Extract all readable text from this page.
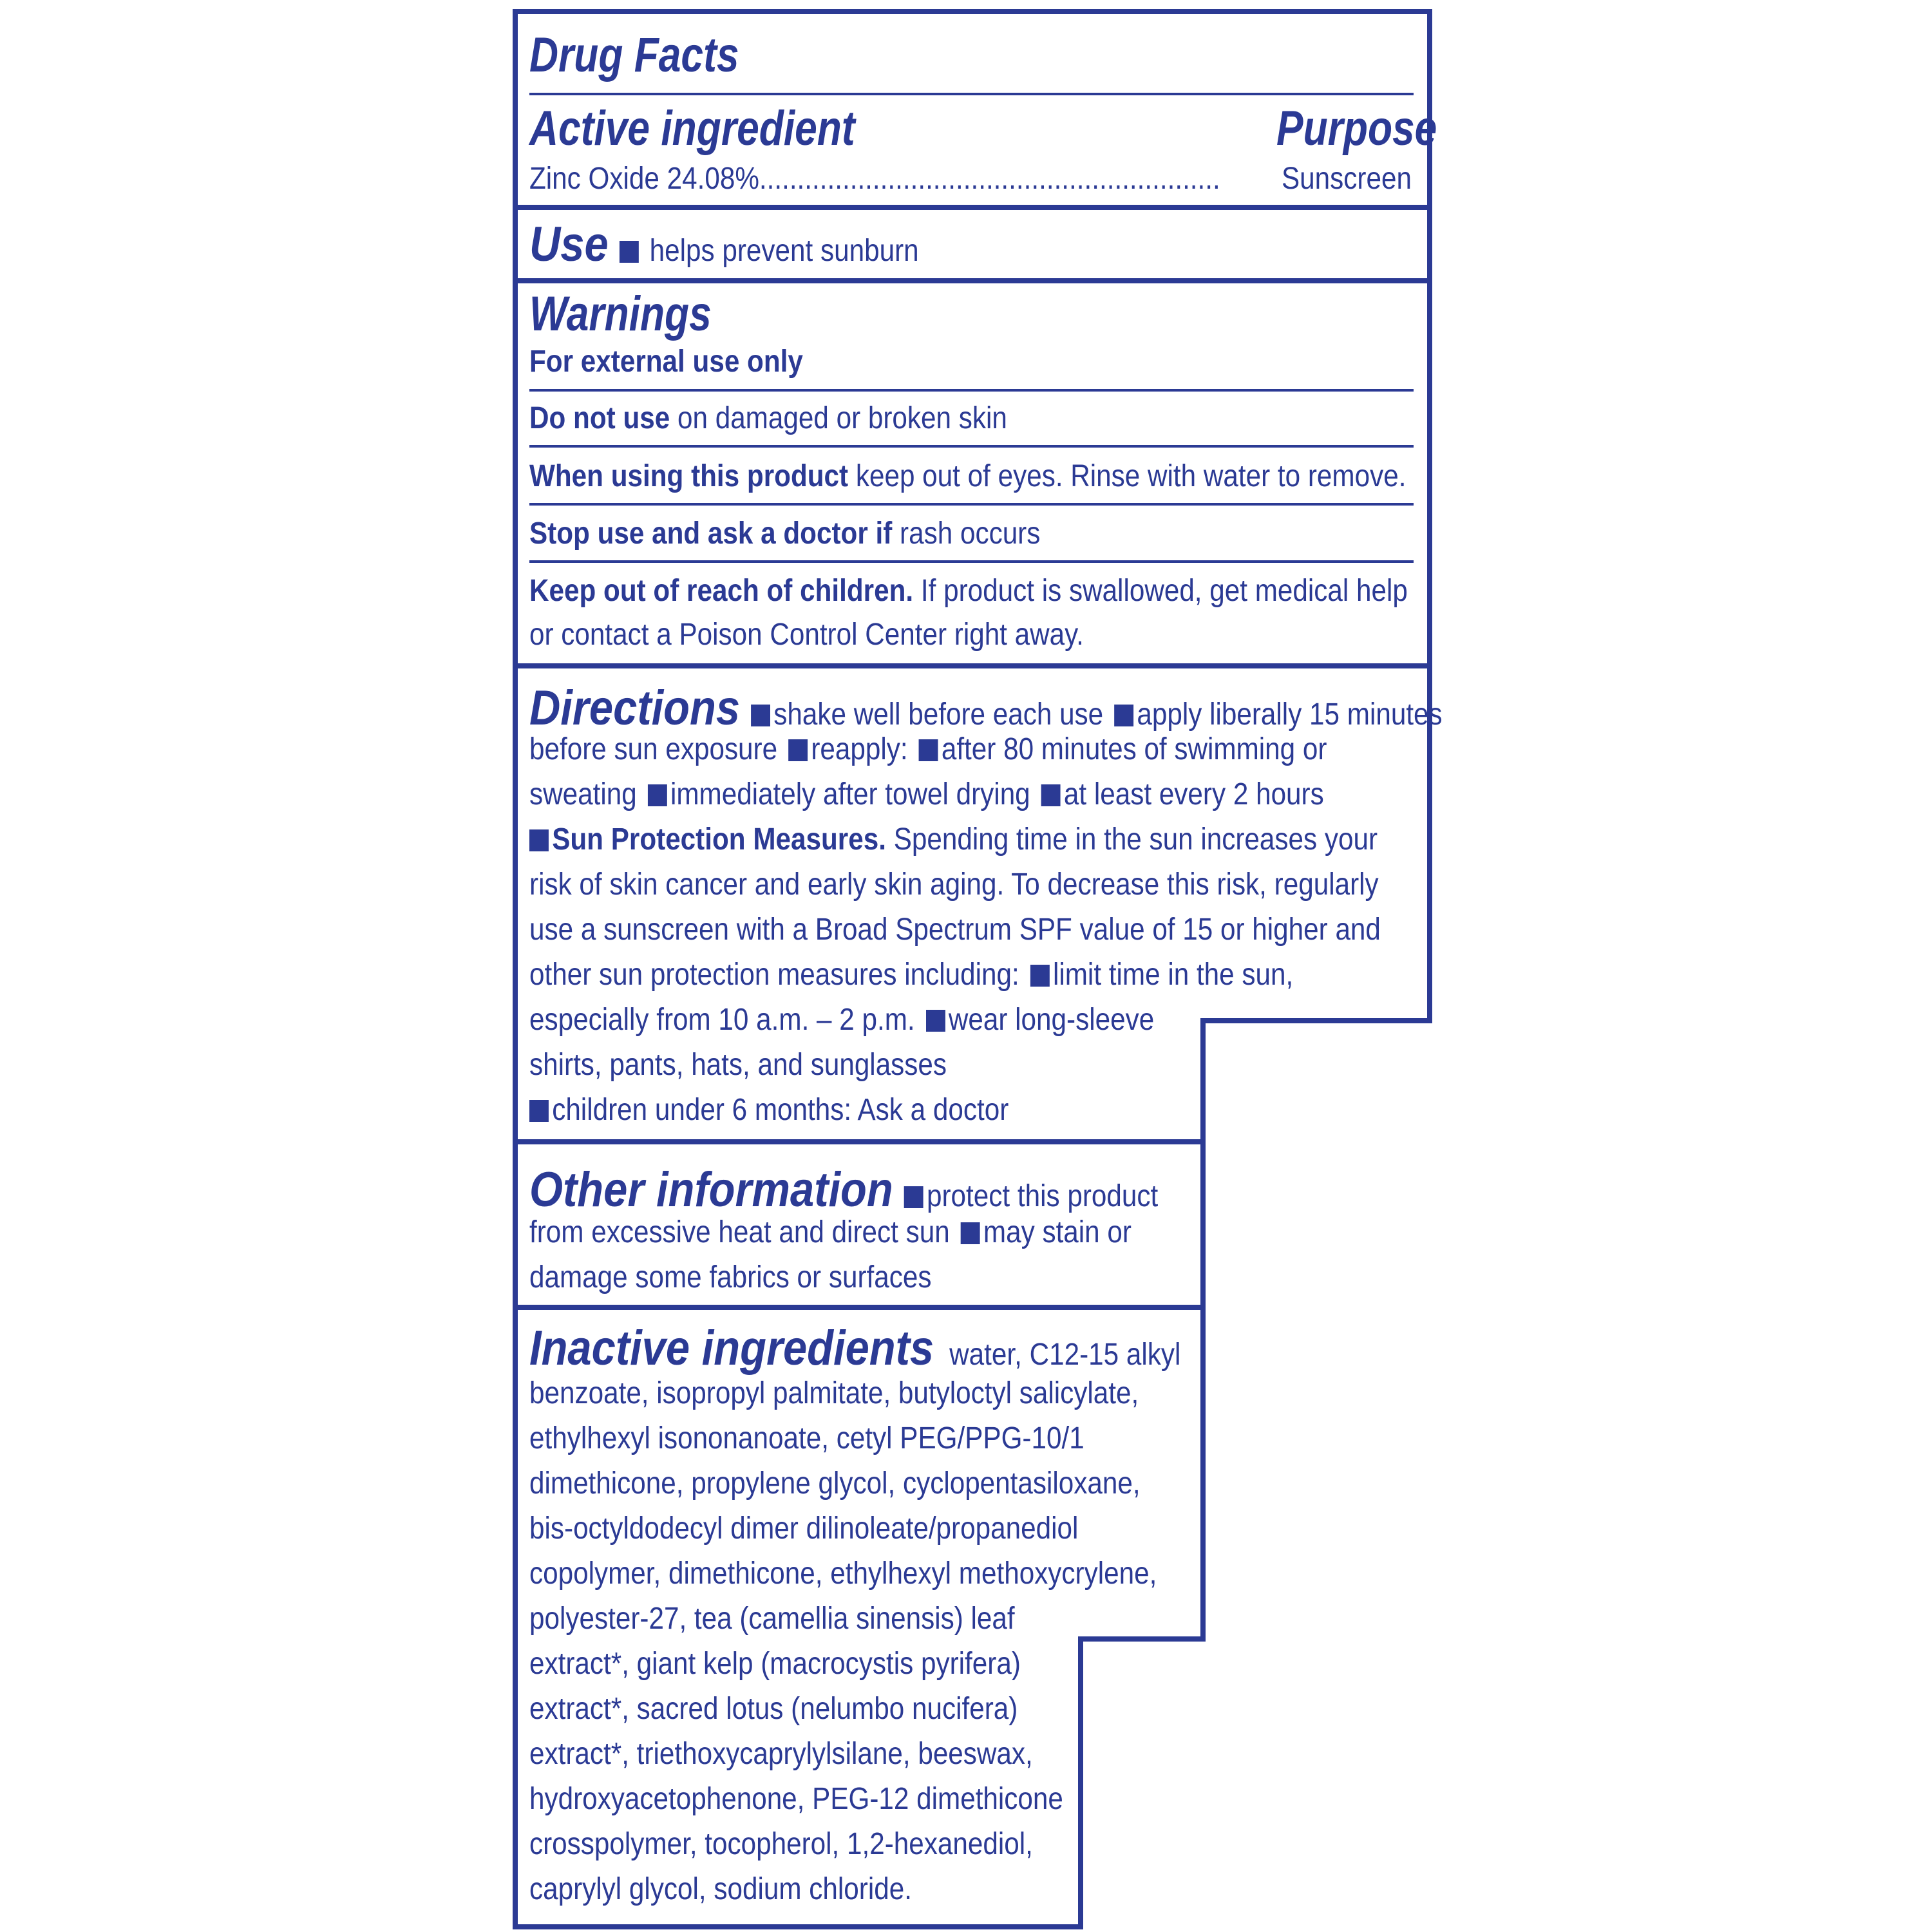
Drug Facts
Active ingredient	Purpose
Zinc Oxide 24.08%............................................................. Sunscreen
Use helps prevent sunburn
Warnings
For external use only
Do not use on damaged or broken skin
When using this product keep out of eyes. Rinse with water to remove.
Stop use and ask a doctor if rash occurs
Keep out of reach of children. If product is swallowed, get medical help
or contact a Poison Control Center right away.
Directions shake well before each use apply liberally 15 minutes
before sun exposure reapply: after 80 minutes of swimming or
sweating immediately after towel drying at least every 2 hours
Sun Protection Measures. Spending time in the sun increases your
risk of skin cancer and early skin aging. To decrease this risk, regularly
use a sunscreen with a Broad Spectrum SPF value of 15 or higher and
other sun protection measures including: limit time in the sun,
especially from 10 a.m. – 2 p.m. wear long-sleeve
shirts, pants, hats, and sunglasses
children under 6 months: Ask a doctor
Other information protect this product
from excessive heat and direct sun may stain or
damage some fabrics or surfaces
Inactive ingredients water, C12-15 alkyl
benzoate, isopropyl palmitate, butyloctyl salicylate,
ethylhexyl isononanoate, cetyl PEG/PPG-10/1
dimethicone, propylene glycol, cyclopentasiloxane,
bis-octyldodecyl dimer dilinoleate/propanediol
copolymer, dimethicone, ethylhexyl methoxycrylene,
polyester-27, tea (camellia sinensis) leaf
extract*, giant kelp (macrocystis pyrifera)
extract*, sacred lotus (nelumbo nucifera)
extract*, triethoxycaprylylsilane, beeswax,
hydroxyacetophenone, PEG-12 dimethicone
crosspolymer, tocopherol, 1,2-hexanediol,
caprylyl glycol, sodium chloride.
